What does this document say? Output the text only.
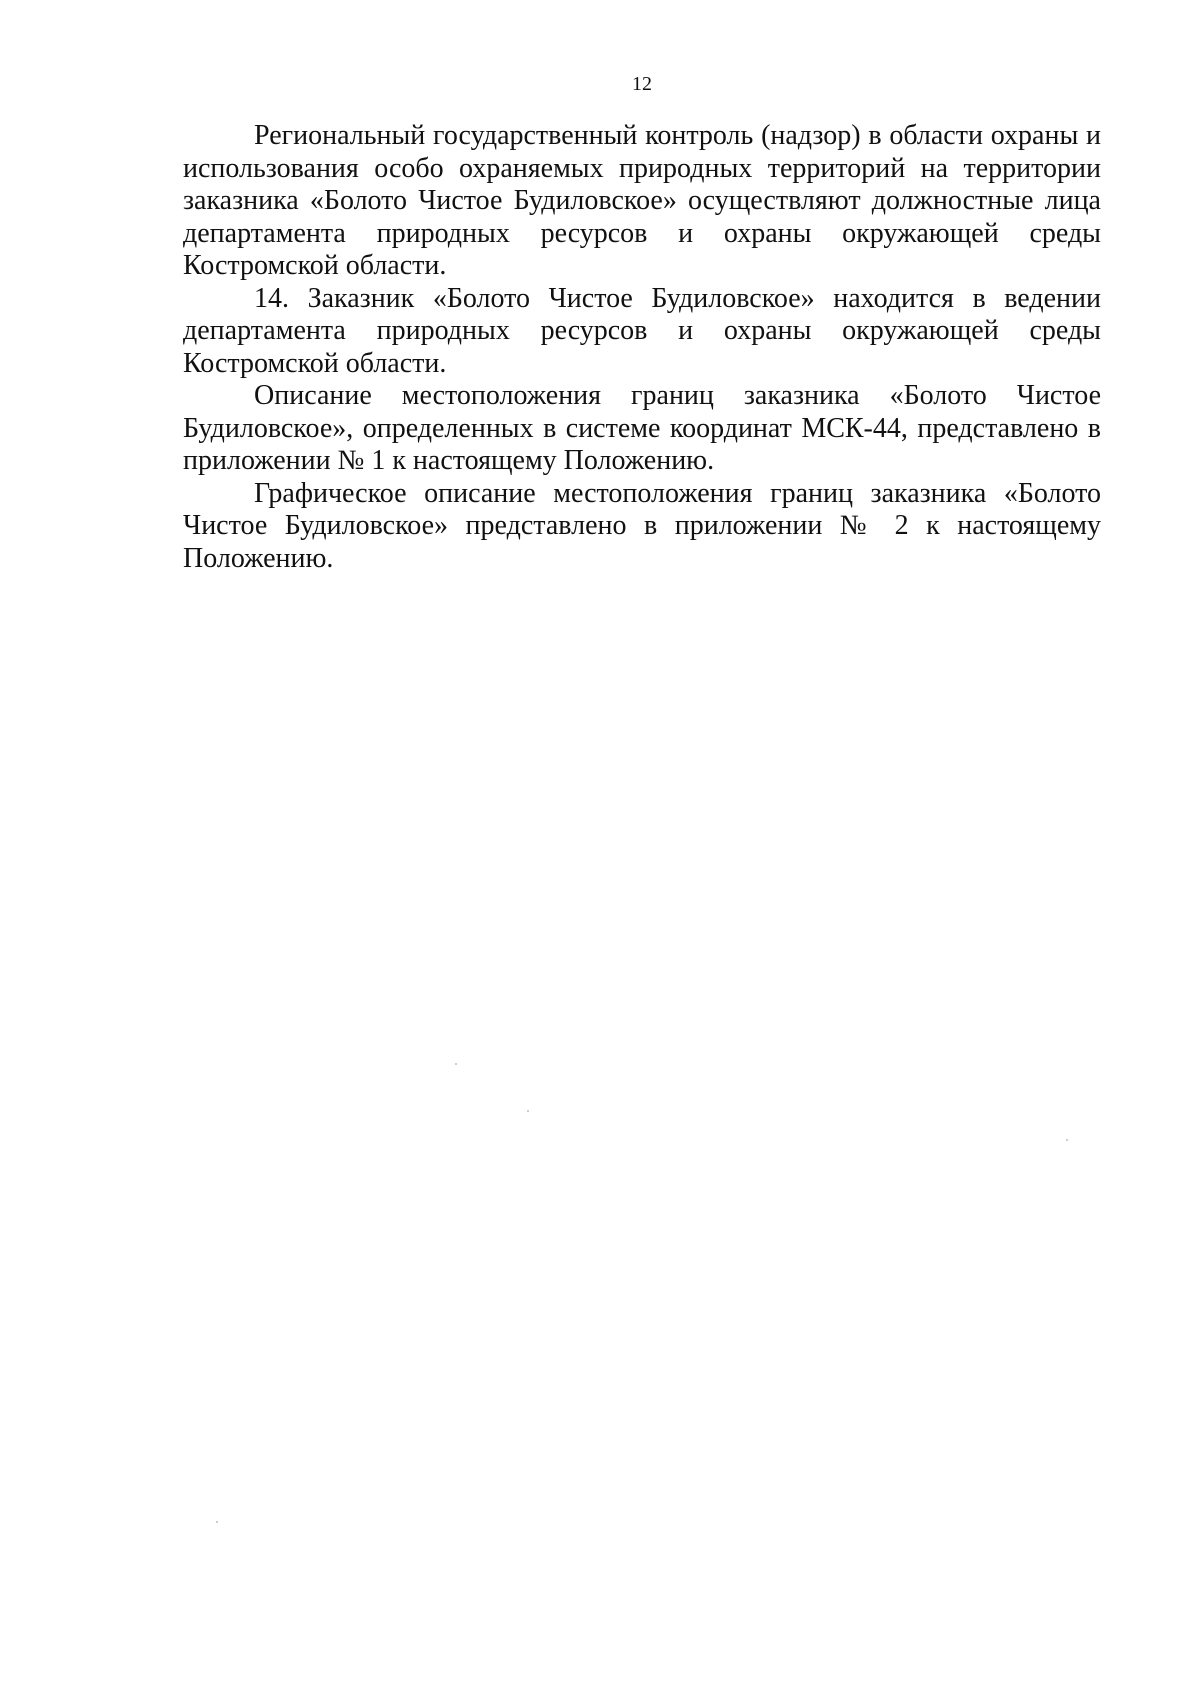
12

Региональный государственный контроль (надзор) в области охраны и использования особо охраняемых природных территорий на территории заказника «Болото Чистое Будиловское» осуществляют должностные лица департамента природных ресурсов и охраны окружающей среды Костромской области.

14. Заказник «Болото Чистое Будиловское» находится в ведении департамента природных ресурсов и охраны окружающей среды Костромской области.

Описание местоположения границ заказника «Болото Чистое Будиловское», определенных в системе координат МСК-44, представлено в приложении № 1 к настоящему Положению.

Графическое описание местоположения границ заказника «Болото Чистое Будиловское» представлено в приложении № 2 к настоящему Положению.
